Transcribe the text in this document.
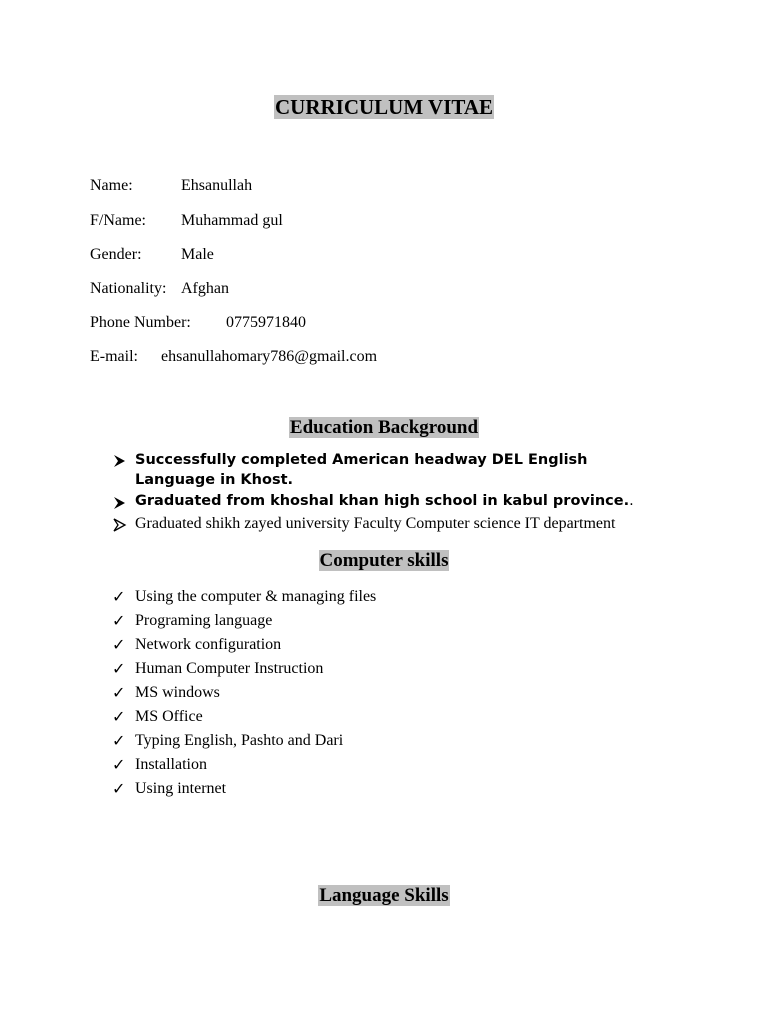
CURRICULUM VITAE
Name:	Ehsanullah
F/Name: Muhammad gul
Gender: Male
Nationality: Afghan
Phone Number: 0775971840
E-mail: ehsanullahomary786@gmail.com
Education Background
Successfully completed American headway DEL English Language in Khost.
Graduated from khoshal khan high school in kabul province..
Graduated shikh zayed university Faculty Computer science IT department
Computer skills
✓ Using the computer & managing files
✓ Programing language
✓ Network configuration
✓ Human Computer Instruction
✓ MS windows
✓ MS Office
✓ Typing English, Pashto and Dari
✓ Installation
✓ Using internet
Language Skills
